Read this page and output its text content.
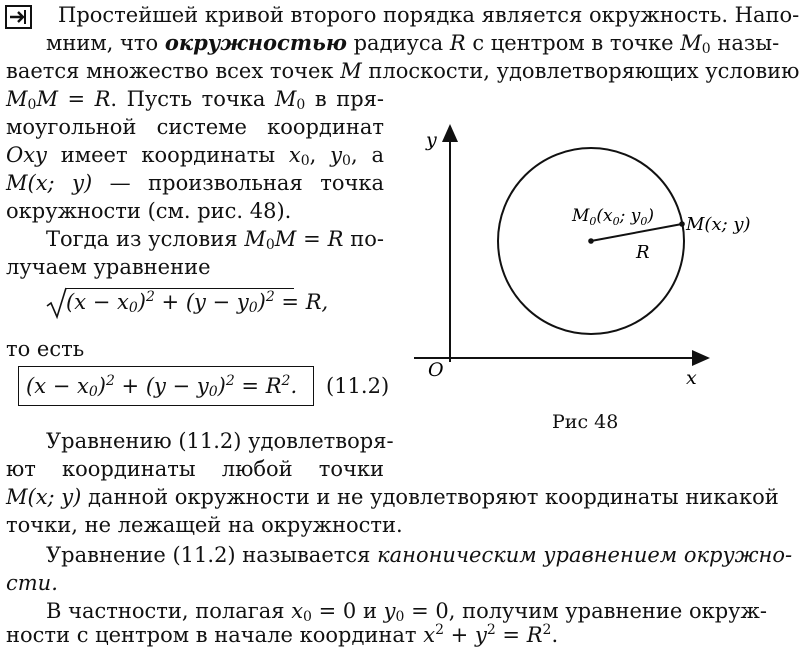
Простейшей кривой второго порядка является окружность. Напо-
мним, что окружностью радиуса R с центром в точке $M_0$ назы-
вается множество всех точек M плоскости, удовлетворяющих условию
$M_0M = R$. Пусть точка $M_0$ в пря-
моугольной системе координат
Oxy имеет координаты $x_0$, $y_0$, а
M(x; y) — произвольная точка
окружности (см. рис. 48).
Тогда из условия $M_0M = R$ по-
лучаем уравнение
$(x - x_0)^2 + (y - y_0)^2 = R$,
то есть
$(x - x_0)^2 + (y - y_0)^2 = R^2$. (11.2)
Уравнению (11.2) удовлетворя-
ют координаты любой точки
M(x; y) данной окружности и не удовлетворяют координаты никакой
точки, не лежащей на окружности.
Уравнение (11.2) называется каноническим уравнением окружно-
сти.
В частности, полагая $x_0 = 0$ и $y_0 = 0$, получим уравнение окруж-
ности с центром в начале координат $x^2 + y^2 = R^2$.
y
x
O
$M_0(x_0$; $y_0$) M(x; y)
R
Рис 48
